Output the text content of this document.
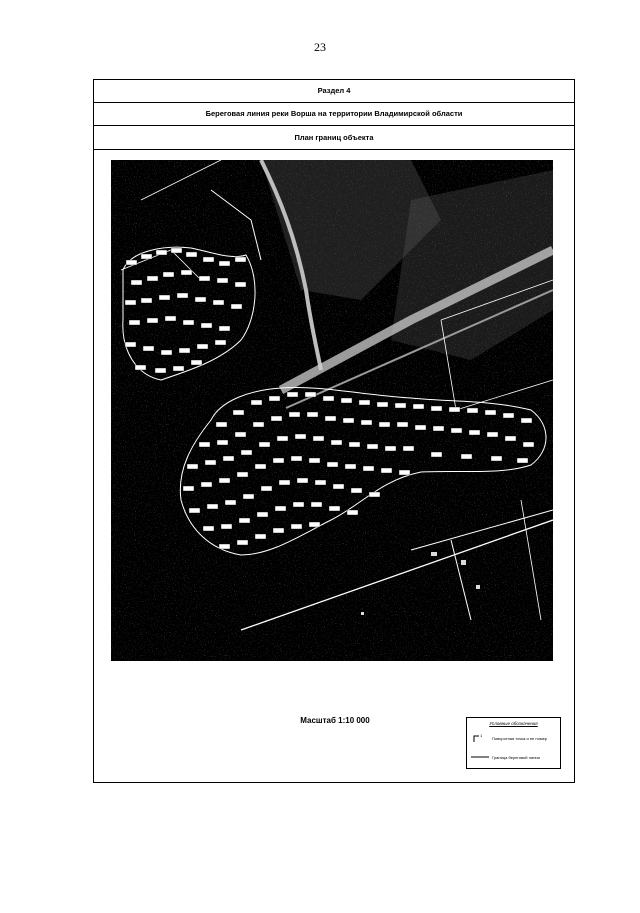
23
Раздел 4
Береговая линия реки Ворша на территории Владимирской области
План границ объекта
Масштаб 1:10 000	Условные обозначения
1
Поворотная точка и ее номер
Граница береговой линии
